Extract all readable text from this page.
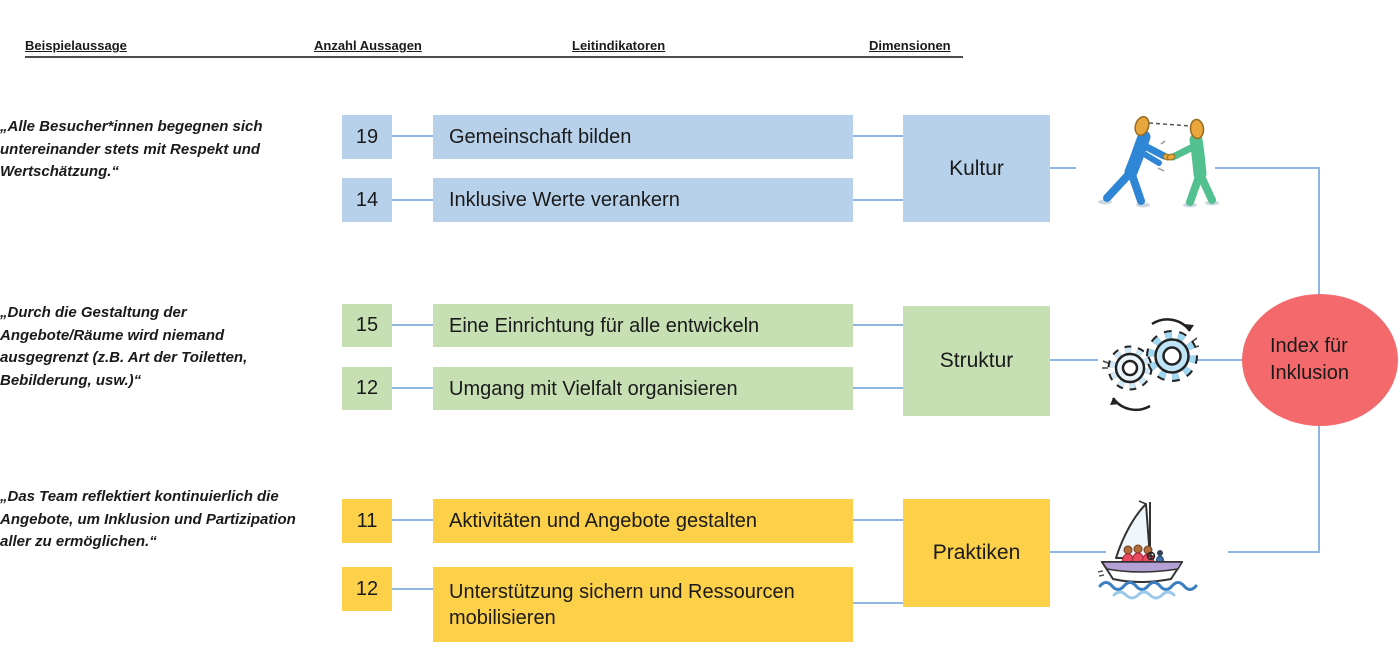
Beispielaussage	Anzahl Aussagen	Leitindikatoren	Dimensionen
„Alle Besucher*innen begegnen sich untereinander stets mit Respekt und Wertschätzung.“
„Durch die Gestaltung der Angebote/Räume wird niemand ausgegrenzt (z.B. Art der Toiletten, Bebilderung, usw.)“
„Das Team reflektiert kontinuierlich die Angebote, um Inklusion und Partizipation aller zu ermöglichen.“
19	Gemeinschaft bilden
14	Inklusive Werte verankern
Kultur
15	Eine Einrichtung für alle entwickeln
12	Umgang mit Vielfalt organisieren
Struktur
11	Aktivitäten und Angebote gestalten
12	Unterstützung sichern und Ressourcen mobilisieren
Praktiken
Index für Inklusion
